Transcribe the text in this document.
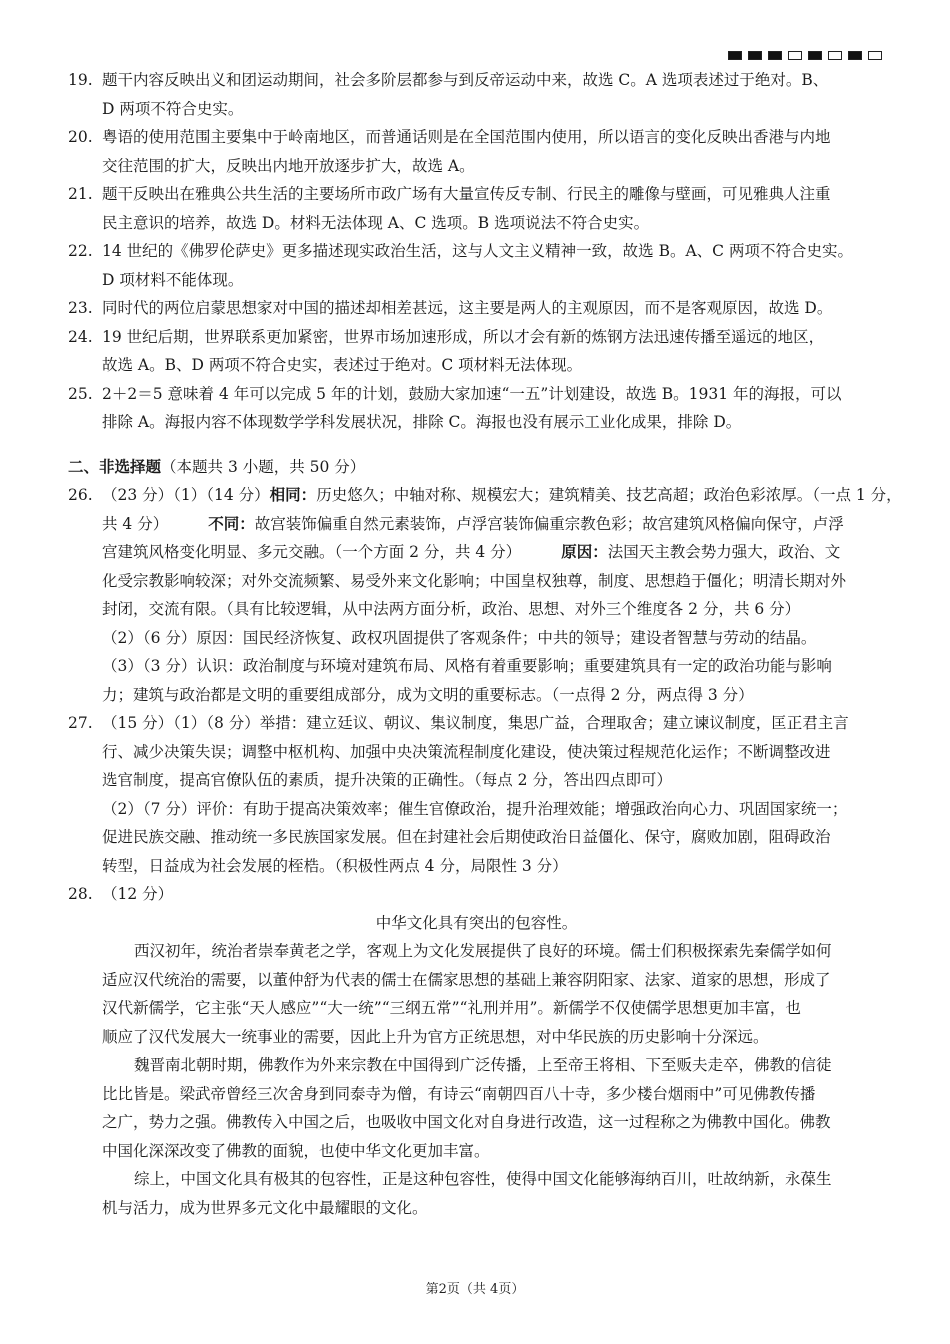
19. 题干内容反映出义和团运动期间，社会多阶层都参与到反帝运动中来，故选 C。A 选项表述过于绝对。B、
D 两项不符合史实。
20. 粤语的使用范围主要集中于岭南地区，而普通话则是在全国范围内使用，所以语言的变化反映出香港与内地
交往范围的扩大，反映出内地开放逐步扩大，故选 A。
21. 题干反映出在雅典公共生活的主要场所市政广场有大量宣传反专制、行民主的雕像与壁画，可见雅典人注重
民主意识的培养，故选 D。材料无法体现 A、C 选项。B 选项说法不符合史实。
22. 14 世纪的《佛罗伦萨史》更多描述现实政治生活，这与人文主义精神一致，故选 B。A、C 两项不符合史实。
D 项材料不能体现。
23. 同时代的两位启蒙思想家对中国的描述却相差甚远，这主要是两人的主观原因，而不是客观原因，故选 D。
24. 19 世纪后期，世界联系更加紧密，世界市场加速形成，所以才会有新的炼钢方法迅速传播至遥远的地区，
故选 A。B、D 两项不符合史实，表述过于绝对。C 项材料无法体现。
25. 2＋2＝5 意味着 4 年可以完成 5 年的计划，鼓励大家加速“一五”计划建设，故选 B。1931 年的海报，可以
排除 A。海报内容不体现数学学科发展状况，排除 C。海报也没有展示工业化成果，排除 D。
二、非选择题（本题共 3 小题，共 50 分）
26. （23 分）（1）（14 分）相同：历史悠久；中轴对称、规模宏大；建筑精美、技艺高超；政治色彩浓厚。（一点 1 分，
共 4 分）	不同：故宫装饰偏重自然元素装饰，卢浮宫装饰偏重宗教色彩；故宫建筑风格偏向保守，卢浮
宫建筑风格变化明显、多元交融。（一个方面 2 分，共 4 分）	原因：法国天主教会势力强大，政治、文
化受宗教影响较深；对外交流频繁、易受外来文化影响；中国皇权独尊，制度、思想趋于僵化；明清长期对外
封闭，交流有限。（具有比较逻辑，从中法两方面分析，政治、思想、对外三个维度各 2 分，共 6 分）
（2）（6 分）原因：国民经济恢复、政权巩固提供了客观条件；中共的领导；建设者智慧与劳动的结晶。
（3）（3 分）认识：政治制度与环境对建筑布局、风格有着重要影响；重要建筑具有一定的政治功能与影响
力；建筑与政治都是文明的重要组成部分，成为文明的重要标志。（一点得 2 分，两点得 3 分）
27. （15 分）（1）（8 分）举措：建立廷议、朝议、集议制度，集思广益，合理取舍；建立谏议制度，匡正君主言
行、减少决策失误；调整中枢机构、加强中央决策流程制度化建设，使决策过程规范化运作；不断调整改进
选官制度，提高官僚队伍的素质，提升决策的正确性。（每点 2 分，答出四点即可）
（2）（7 分）评价：有助于提高决策效率；催生官僚政治，提升治理效能；增强政治向心力、巩固国家统一；
促进民族交融、推动统一多民族国家发展。但在封建社会后期使政治日益僵化、保守，腐败加剧，阻碍政治
转型，日益成为社会发展的桎梏。（积极性两点 4 分，局限性 3 分）
28. （12 分）
中华文化具有突出的包容性。
西汉初年，统治者崇奉黄老之学，客观上为文化发展提供了良好的环境。儒士们积极探索先秦儒学如何
适应汉代统治的需要，以董仲舒为代表的儒士在儒家思想的基础上兼容阴阳家、法家、道家的思想，形成了
汉代新儒学，它主张“天人感应”“大一统”“三纲五常”“礼刑并用”。新儒学不仅使儒学思想更加丰富，也
顺应了汉代发展大一统事业的需要，因此上升为官方正统思想，对中华民族的历史影响十分深远。
魏晋南北朝时期，佛教作为外来宗教在中国得到广泛传播，上至帝王将相、下至贩夫走卒，佛教的信徒
比比皆是。梁武帝曾经三次舍身到同泰寺为僧，有诗云“南朝四百八十寺，多少楼台烟雨中”可见佛教传播
之广，势力之强。佛教传入中国之后，也吸收中国文化对自身进行改造，这一过程称之为佛教中国化。佛教
中国化深深改变了佛教的面貌，也使中华文化更加丰富。
综上，中国文化具有极其的包容性，正是这种包容性，使得中国文化能够海纳百川，吐故纳新，永葆生
机与活力，成为世界多元文化中最耀眼的文化。
第2页（共 4页）
